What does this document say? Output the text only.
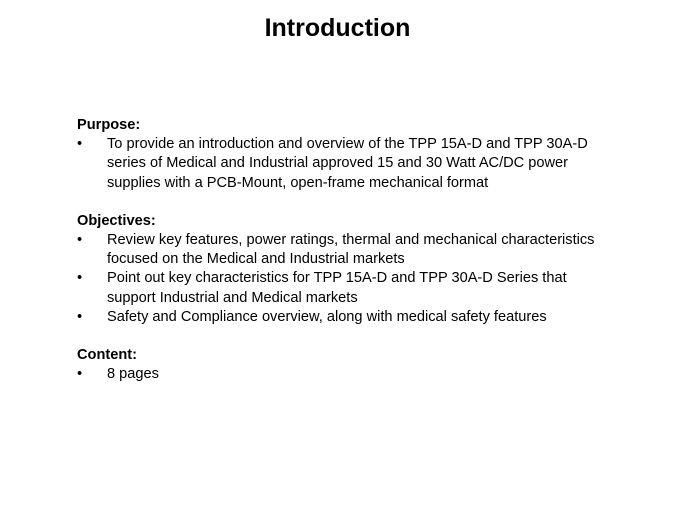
Introduction

Purpose:

•	To provide an introduction and overview of the TPP 15A-D and TPP 30A-D series of Medical and Industrial approved 15 and 30 Watt AC/DC power supplies with a PCB-Mount, open-frame mechanical format

Objectives:

•	Review key features, power ratings, thermal and mechanical characteristics focused on the Medical and Industrial markets
•	Point out key characteristics for TPP 15A-D and TPP 30A-D Series that support Industrial and Medical markets
•	Safety and Compliance overview, along with medical safety features

Content:

•	8 pages
